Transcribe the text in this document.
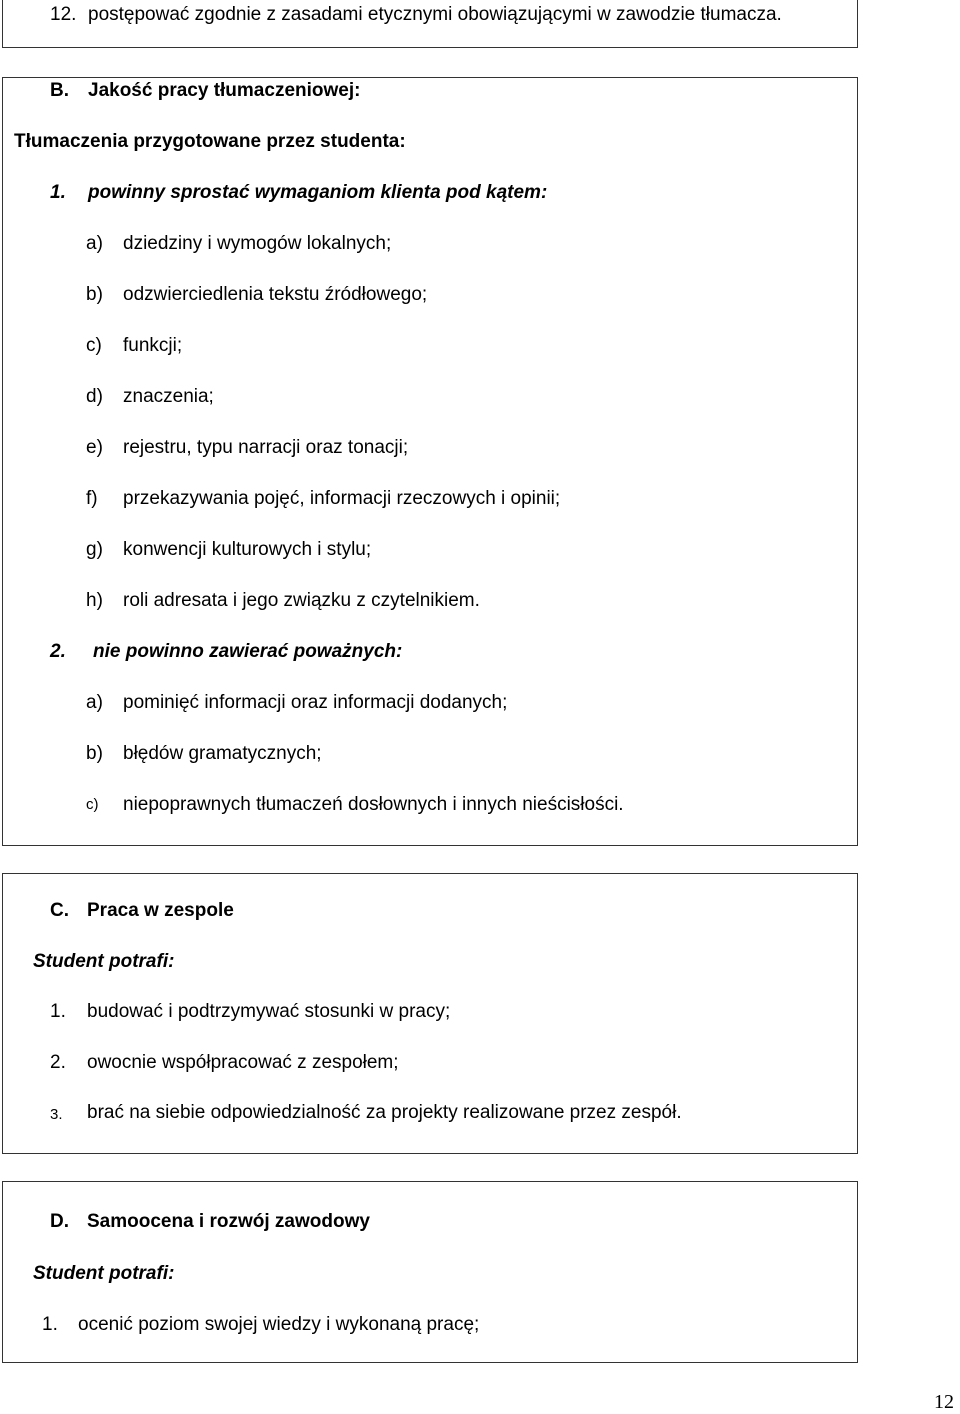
12. postępować zgodnie z zasadami etycznymi obowiązującymi w zawodzie tłumacza.
B. Jakość pracy tłumaczeniowej:
Tłumaczenia przygotowane przez studenta:
1. powinny sprostać wymaganiom klienta pod kątem:
a) dziedziny i wymogów lokalnych;
b) odzwierciedlenia tekstu źródłowego;
c) funkcji;
d) znaczenia;
e) rejestru, typu narracji oraz tonacji;
f) przekazywania pojęć, informacji rzeczowych i opinii;
g) konwencji kulturowych i stylu;
h) roli adresata i jego związku z czytelnikiem.
2. nie powinno zawierać poważnych:
a) pominięć informacji oraz informacji dodanych;
b) błędów gramatycznych;
c) niepoprawnych tłumaczeń dosłownych i innych nieścisłości.
C. Praca w zespole
Student potrafi:
1. budować i podtrzymywać stosunki w pracy;
2. owocnie współpracować z zespołem;
3. brać na siebie odpowiedzialność za projekty realizowane przez zespół.
D. Samoocena i rozwój zawodowy
Student potrafi:
1. ocenić poziom swojej wiedzy i wykonaną pracę;
12
